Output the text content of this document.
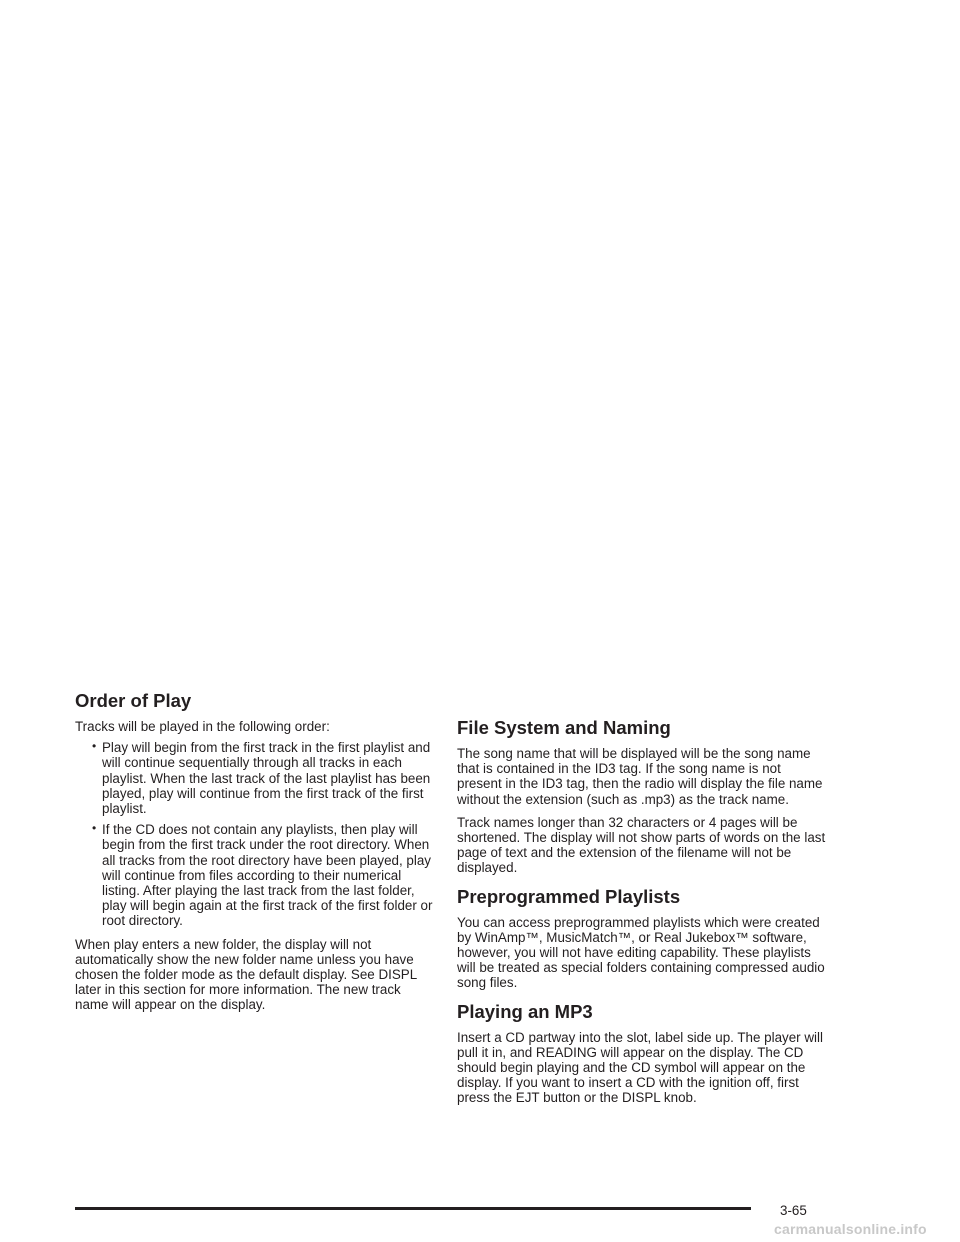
Order of Play

Tracks will be played in the following order:

• Play will begin from the first track in the first playlist and will continue sequentially through all tracks in each playlist. When the last track of the last playlist has been played, play will continue from the first track of the first playlist.
• If the CD does not contain any playlists, then play will begin from the first track under the root directory. When all tracks from the root directory have been played, play will continue from files according to their numerical listing. After playing the last track from the last folder, play will begin again at the first track of the first folder or root directory.

When play enters a new folder, the display will not automatically show the new folder name unless you have chosen the folder mode as the default display. See DISPL later in this section for more information. The new track name will appear on the display.

File System and Naming

The song name that will be displayed will be the song name that is contained in the ID3 tag. If the song name is not present in the ID3 tag, then the radio will display the file name without the extension (such as .mp3) as the track name.

Track names longer than 32 characters or 4 pages will be shortened. The display will not show parts of words on the last page of text and the extension of the filename will not be displayed.

Preprogrammed Playlists

You can access preprogrammed playlists which were created by WinAmp™, MusicMatch™, or Real Jukebox™ software, however, you will not have editing capability. These playlists will be treated as special folders containing compressed audio song files.

Playing an MP3

Insert a CD partway into the slot, label side up. The player will pull it in, and READING will appear on the display. The CD should begin playing and the CD symbol will appear on the display. If you want to insert a CD with the ignition off, first press the EJT button or the DISPL knob.

3-65
carmanualsonline.info
